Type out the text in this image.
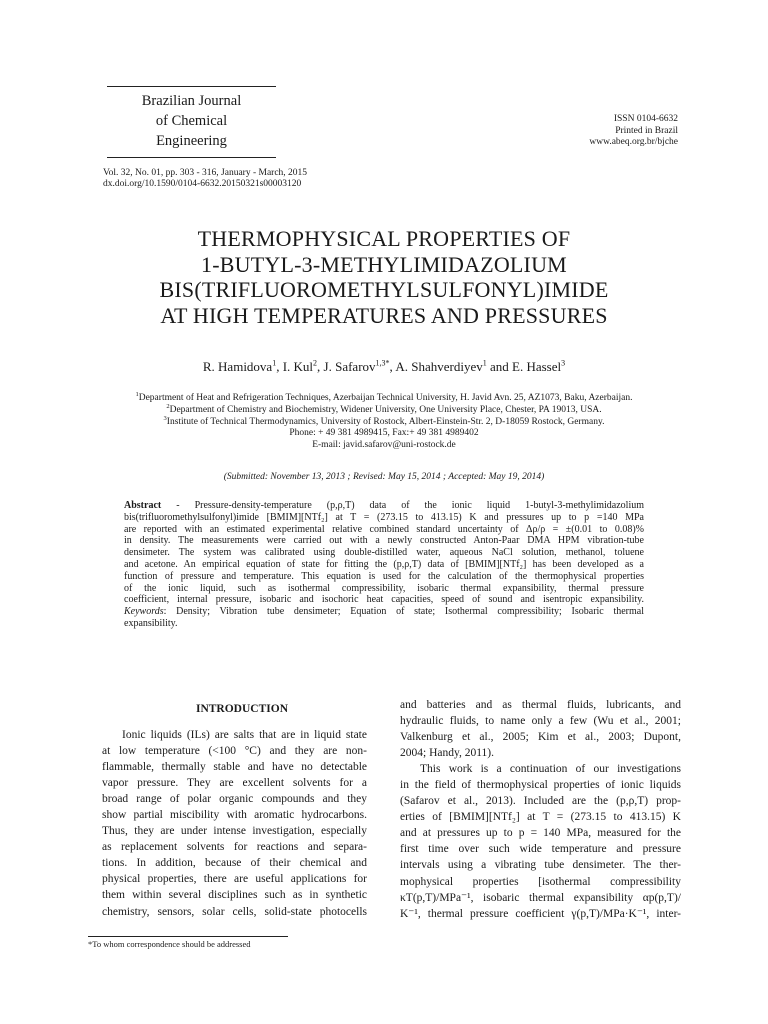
Brazilian Journal
of Chemical
Engineering
ISSN 0104-6632
Printed in Brazil
www.abeq.org.br/bjche
Vol. 32, No. 01, pp. 303 - 316, January - March, 2015
dx.doi.org/10.1590/0104-6632.20150321s00003120
THERMOPHYSICAL PROPERTIES OF
1-BUTYL-3-METHYLIMIDAZOLIUM
BIS(TRIFLUOROMETHYLSULFONYL)IMIDE
AT HIGH TEMPERATURES AND PRESSURES
R. Hamidova$^1$, I. Kul$^2$, J. Safarov$^{1,3*}$, A. Shahverdiyev$^1$ and E. Hassel$^3$
$^1$Department of Heat and Refrigeration Techniques, Azerbaijan Technical University, H. Javid Avn. 25, AZ1073, Baku, Azerbaijan.
$^2$Department of Chemistry and Biochemistry, Widener University, One University Place, Chester, PA 19013, USA.
$^3$Institute of Technical Thermodynamics, University of Rostock, Albert-Einstein-Str. 2, D-18059 Rostock, Germany.
Phone: + 49 381 4989415, Fax:+ 49 381 4989402
E-mail: javid.safarov@uni-rostock.de
(Submitted: November 13, 2013 ; Revised: May 15, 2014 ; Accepted: May 19, 2014)
Abstract - Pressure-density-temperature (p,ρ,T) data of the ionic liquid 1-butyl-3-methylimidazolium
bis(trifluoromethylsulfonyl)imide [BMIM][NTf₂] at T = (273.15 to 413.15) K and pressures up to p =140 MPa
are reported with an estimated experimental relative combined standard uncertainty of Δρ/ρ = ±(0.01 to 0.08)%
in density. The measurements were carried out with a newly constructed Anton-Paar DMA HPM vibration-tube
densimeter. The system was calibrated using double-distilled water, aqueous NaCl solution, methanol, toluene
and acetone. An empirical equation of state for fitting the (p,ρ,T) data of [BMIM][NTf₂] has been developed as a
function of pressure and temperature. This equation is used for the calculation of the thermophysical properties
of the ionic liquid, such as isothermal compressibility, isobaric thermal expansibility, thermal pressure
coefficient, internal pressure, isobaric and isochoric heat capacities, speed of sound and isentropic expansibility.
Keywords: Density; Vibration tube densimeter; Equation of state; Isothermal compressibility; Isobaric thermal
expansibility.
INTRODUCTION
Ionic liquids (ILs) are salts that are in liquid state
at low temperature (<100 °C) and they are non-
flammable, thermally stable and have no detectable
vapor pressure. They are excellent solvents for a
broad range of polar organic compounds and they
show partial miscibility with aromatic hydrocarbons.
Thus, they are under intense investigation, especially
as replacement solvents for reactions and separa-
tions. In addition, because of their chemical and
physical properties, there are useful applications for
them within several disciplines such as in synthetic
chemistry, sensors, solar cells, solid-state photocells
and batteries and as thermal fluids, lubricants, and
hydraulic fluids, to name only a few (Wu et al., 2001;
Valkenburg et al., 2005; Kim et al., 2003; Dupont,
2004; Handy, 2011).
This work is a continuation of our investigations
in the field of thermophysical properties of ionic liquids
(Safarov et al., 2013). Included are the (p,ρ,T) prop-
erties of [BMIM][NTf₂] at T = (273.15 to 413.15) K
and at pressures up to p = 140 MPa, measured for the
first time over such wide temperature and pressure
intervals using a vibrating tube densimeter. The ther-
mophysical properties [isothermal compressibility
κT(p,T)/MPa⁻¹, isobaric thermal expansibility αp(p,T)/
K⁻¹, thermal pressure coefficient γ(p,T)/MPa·K⁻¹, inter-
*To whom correspondence should be addressed
